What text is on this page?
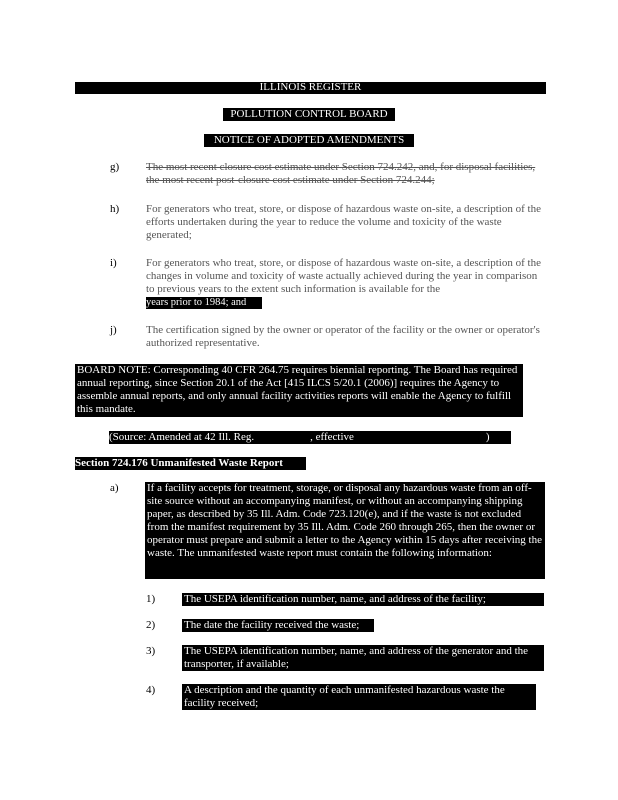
ILLINOIS REGISTER
POLLUTION CONTROL BOARD
NOTICE OF ADOPTED AMENDMENTS
g) The most recent closure cost estimate under Section 724.242, and, for disposal facilities, the most recent post-closure cost estimate under Section 724.244;
h) For generators who treat, store, or dispose of hazardous waste on-site, a description of the efforts undertaken during the year to reduce the volume and toxicity of the waste generated;
i)	For generators who treat, store, or dispose of hazardous waste on-site, a description of the changes in volume and toxicity of waste actually achieved during the year in comparison to previous years to the extent such information is available for the
years prior to 1984; and
j)	The certification signed by the owner or operator of the facility or the owner or operator's authorized representative.
BOARD NOTE: Corresponding 40 CFR 264.75 requires biennial reporting. The Board has required annual reporting, since Section 20.1 of the Act [415 ILCS 5/20.1 (2006)] requires the Agency to assemble annual reports, and only annual facility activities reports will enable the Agency to fulfill this mandate.
(Source: Amended at 42 Ill. Reg.	, effective	)
Section 724.176 Unmanifested Waste Report
a)	If a facility accepts for treatment, storage, or disposal any hazardous waste from an off-site source without an accompanying manifest, or without an accompanying shipping paper, as described by 35 Ill. Adm. Code 723.120(e), and if the waste is not excluded from the manifest requirement by 35 Ill. Adm. Code 260 through 265, then the owner or operator must prepare and submit a letter to the Agency within 15 days after receiving the waste. The unmanifested waste report must contain the following information:
1)	The USEPA identification number, name, and address of the facility;
2)	The date the facility received the waste;
3)	The USEPA identification number, name, and address of the generator and the transporter, if available;
4)	A description and the quantity of each unmanifested hazardous waste the facility received;
